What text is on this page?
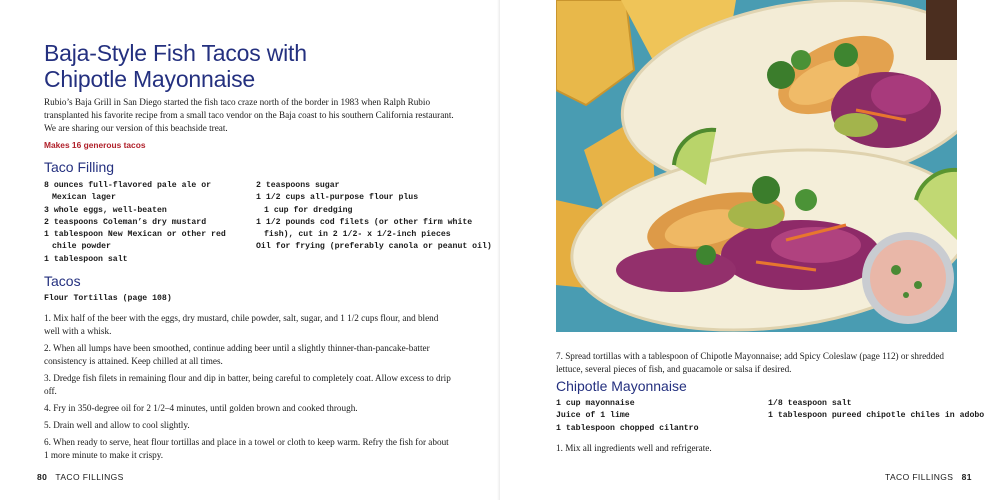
Baja-Style Fish Tacos with
Chipotle Mayonnaise

Rubio’s Baja Grill in San Diego started the fish taco craze north of the border in 1983 when Ralph Rubio transplanted his favorite recipe from a small taco vendor on the Baja coast to his southern California restaurant. We are sharing our version of this beachside treat.

Makes 16 generous tacos
Taco Filling
8 ounces full-flavored pale ale or
Mexican lager
3 whole eggs, well-beaten
2 teaspoons Coleman’s dry mustard
1 tablespoon New Mexican or other red
chile powder
1 tablespoon salt
2 teaspoons sugar
1 1/2 cups all-purpose flour plus
1 cup for dredging
1 1/2 pounds cod filets (or other firm white
fish), cut in 2 1/2- x 1/2-inch pieces
Oil for frying (preferably canola or peanut oil)
Tacos
Flour Tortillas (page 108)

1. Mix half of the beer with the eggs, dry mustard, chile powder, salt, sugar, and 1 1/2 cups flour, and blend well with a whisk.

2. When all lumps have been smoothed, continue adding beer until a slightly thinner-than-pancake-batter consistency is attained. Keep chilled at all times.

3. Dredge fish filets in remaining flour and dip in batter, being careful to completely coat. Allow excess to drip off.

4. Fry in 350-degree oil for 2 1/2–4 minutes, until golden brown and cooked through.

5. Drain well and allow to cool slightly.

6. When ready to serve, heat flour tortillas and place in a towel or cloth to keep warm. Refry the fish for about 1 more minute to make it crispy.

80 TACO FILLINGS

7. Spread tortillas with a tablespoon of Chipotle Mayonnaise; add Spicy Coleslaw (page 112) or shredded lettuce, several pieces of fish, and guacamole or salsa if desired.

Chipotle Mayonnaise
1 cup mayonnaise
Juice of 1 lime
1 tablespoon chopped cilantro
1/8 teaspoon salt
1 tablespoon pureed chipotle chiles in adobo

1. Mix all ingredients well and refrigerate.

TACO FILLINGS 81
